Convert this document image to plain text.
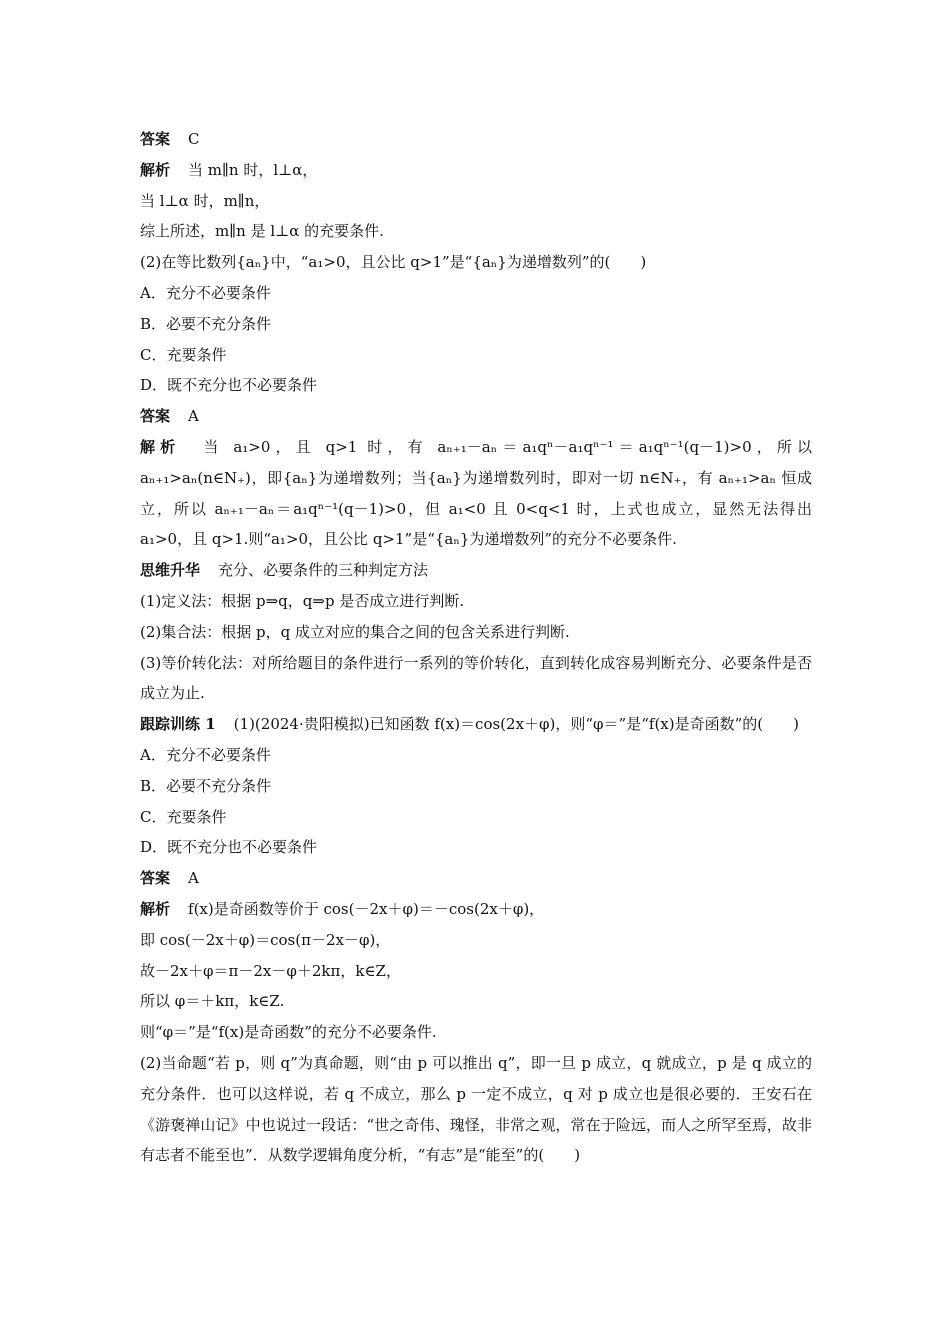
答案 C
解析 当 m∥n 时，l⊥α，
当 l⊥α 时，m∥n，
综上所述，m∥n 是 l⊥α 的充要条件.
(2)在等比数列{aₙ}中，“a₁>0，且公比 q>1”是“{aₙ}为递增数列”的(　　)
A．充分不必要条件
B．必要不充分条件
C．充要条件
D．既不充分也不必要条件
答案 A
解析 当 a₁>0，且 q>1 时，有 aₙ₊₁－aₙ＝a₁qⁿ－a₁qⁿ⁻¹＝a₁qⁿ⁻¹(q－1)>0，所以 aₙ₊₁>aₙ(n∈N₊)，即{aₙ}为递增数列；当{aₙ}为递增数列时，即对一切 n∈N₊，有 aₙ₊₁>aₙ 恒成立，所以 aₙ₊₁－aₙ＝a₁qⁿ⁻¹(q－1)>0，但 a₁<0 且 0<q<1 时，上式也成立，显然无法得出 a₁>0，且 q>1.则“a₁>0，且公比 q>1”是“{aₙ}为递增数列”的充分不必要条件.
思维升华 充分、必要条件的三种判定方法
(1)定义法：根据 p⇒q，q⇒p 是否成立进行判断.
(2)集合法：根据 p，q 成立对应的集合之间的包含关系进行判断.
(3)等价转化法：对所给题目的条件进行一系列的等价转化，直到转化成容易判断充分、必要条件是否成立为止.
跟踪训练 1 (1)(2024·贵阳模拟)已知函数 f(x)＝cos(2x＋φ)，则“φ＝”是“f(x)是奇函数”的(　　)
A．充分不必要条件
B．必要不充分条件
C．充要条件
D．既不充分也不必要条件
答案 A
解析 f(x)是奇函数等价于 cos(－2x＋φ)＝－cos(2x＋φ)，
即 cos(－2x＋φ)＝cos(π－2x－φ)，
故－2x＋φ＝π－2x－φ＋2kπ，k∈Z，
所以 φ＝＋kπ，k∈Z.
则“φ＝”是“f(x)是奇函数”的充分不必要条件.
(2)当命题“若 p，则 q”为真命题，则“由 p 可以推出 q”，即一旦 p 成立，q 就成立，p 是 q 成立的充分条件．也可以这样说，若 q 不成立，那么 p 一定不成立，q 对 p 成立也是很必要的．王安石在《游褒禅山记》中也说过一段话：“世之奇伟、瑰怪，非常之观，常在于险远，而人之所罕至焉，故非有志者不能至也”．从数学逻辑角度分析，“有志”是“能至”的(　　)
